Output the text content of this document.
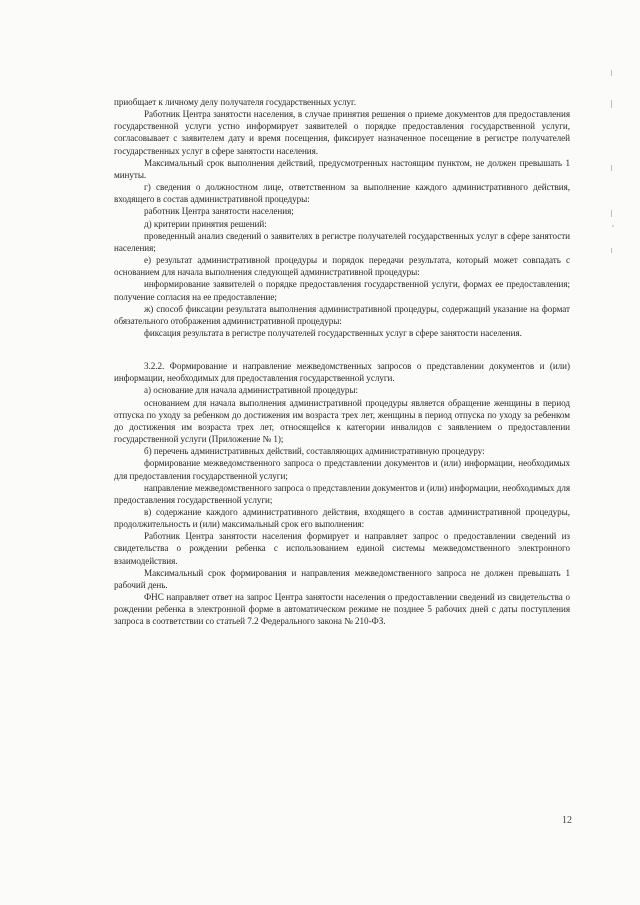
приобщает к личному делу получателя государственных услуг.

Работник Центра занятости населения, в случае принятия решения о приеме документов для предоставления государственной услуги устно информирует заявителей о порядке предоставления государственной услуги, согласовывает с заявителем дату и время посещения, фиксирует назначенное посещение в регистре получателей государственных услуг в сфере занятости населения.

Максимальный срок выполнения действий, предусмотренных настоящим пунктом, не должен превышать 1 минуты.

г) сведения о должностном лице, ответственном за выполнение каждого административного действия, входящего в состав административной процедуры:

работник Центра занятости населения;

д) критерии принятия решений:

проведенный анализ сведений о заявителях в регистре получателей государственных услуг в сфере занятости населения;

е) результат административной процедуры и порядок передачи результата, который может совпадать с основанием для начала выполнения следующей административной процедуры:

информирование заявителей о порядке предоставления государственной услуги, формах ее предоставления; получение согласия на ее предоставление;

ж) способ фиксации результата выполнения административной процедуры, содержащий указание на формат обязательного отображения административной процедуры:

фиксация результата в регистре получателей государственных услуг в сфере занятости населения.

3.2.2. Формирование и направление межведомственных запросов о представлении документов и (или) информации, необходимых для предоставления государственной услуги.

а) основание для начала административной процедуры:

основанием для начала выполнения административной процедуры является обращение женщины в период отпуска по уходу за ребенком до достижения им возраста трех лет, женщины в период отпуска по уходу за ребенком до достижения им возраста трех лет, относящейся к категории инвалидов с заявлением о предоставлении государственной услуги (Приложение № 1);

б) перечень административных действий, составляющих административную процедуру:

формирование межведомственного запроса о представлении документов и (или) информации, необходимых для предоставления государственной услуги;

направление межведомственного запроса о представлении документов и (или) информации, необходимых для предоставления государственной услуги;

в) содержание каждого административного действия, входящего в состав административной процедуры, продолжительность и (или) максимальный срок его выполнения:

Работник Центра занятости населения формирует и направляет запрос о предоставлении сведений из свидетельства о рождении ребенка с использованием единой системы межведомственного электронного взаимодействия.

Максимальный срок формирования и направления межведомственного запроса не должен превышать 1 рабочий день.

ФНС направляет ответ на запрос Центра занятости населения о предоставлении сведений из свидетельства о рождении ребенка в электронной форме в автоматическом режиме не позднее 5 рабочих дней с даты поступления запроса в соответствии со статьей 7.2 Федерального закона № 210-ФЗ.

12
